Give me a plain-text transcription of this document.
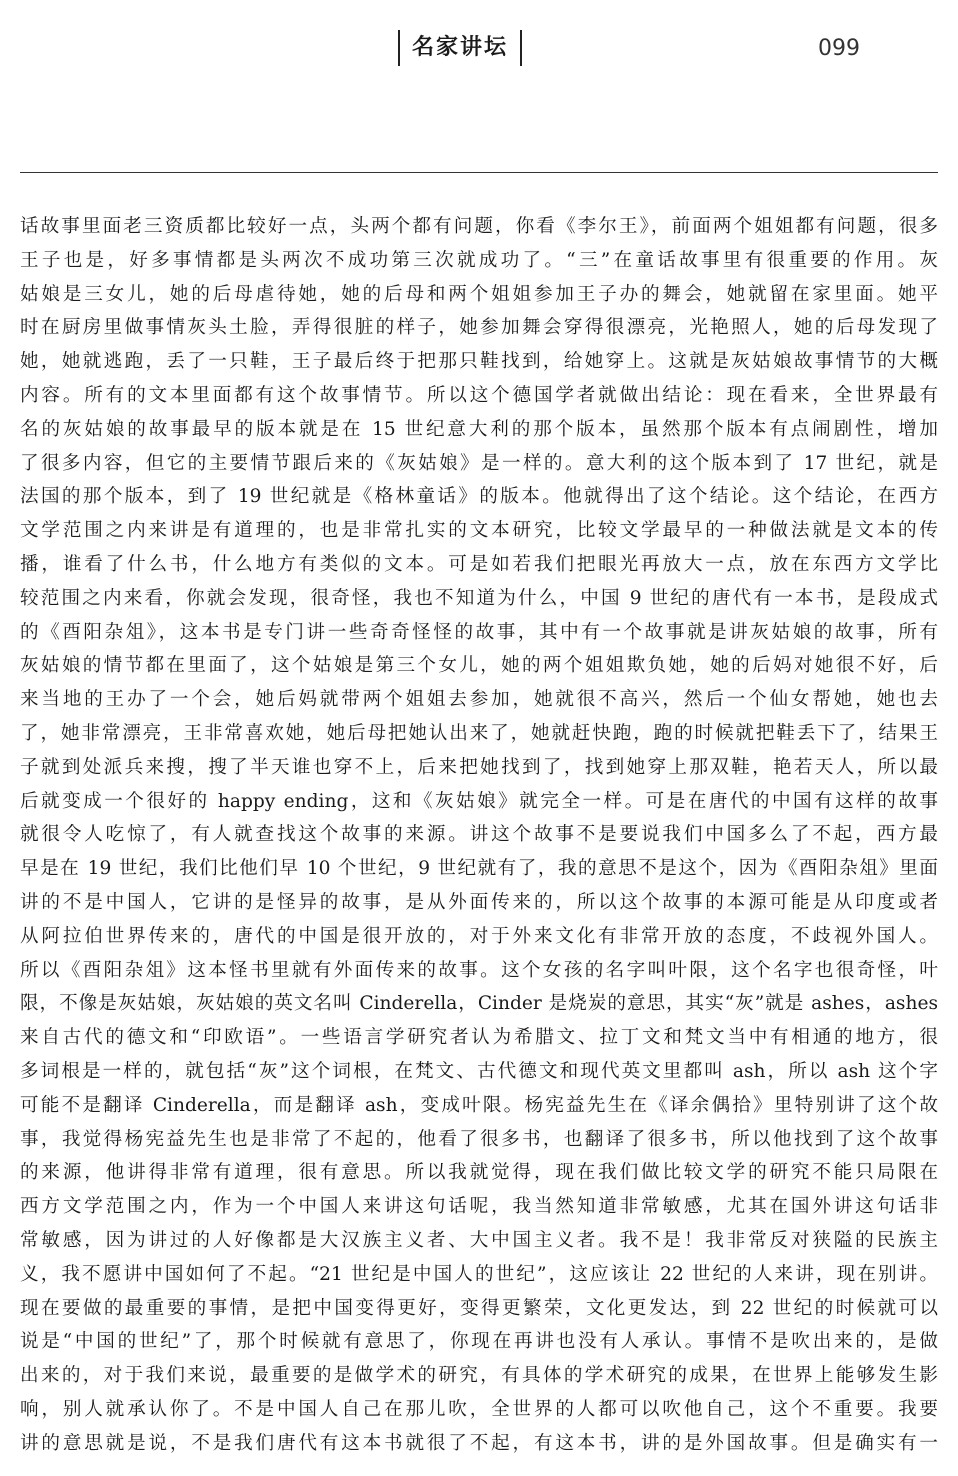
名家讲坛	099
话故事里面老三资质都比较好一点，头两个都有问题，你看《李尔王》，前面两个姐姐都有问题，很多
王子也是，好多事情都是头两次不成功第三次就成功了。“三”在童话故事里有很重要的作用。灰
姑娘是三女儿，她的后母虐待她，她的后母和两个姐姐参加王子办的舞会，她就留在家里面。她平
时在厨房里做事情灰头土脸，弄得很脏的样子，她参加舞会穿得很漂亮，光艳照人，她的后母发现了
她，她就逃跑，丢了一只鞋，王子最后终于把那只鞋找到，给她穿上。这就是灰姑娘故事情节的大概
内容。所有的文本里面都有这个故事情节。所以这个德国学者就做出结论：现在看来，全世界最有
名的灰姑娘的故事最早的版本就是在 15 世纪意大利的那个版本，虽然那个版本有点闹剧性，增加
了很多内容，但它的主要情节跟后来的《灰姑娘》是一样的。意大利的这个版本到了 17 世纪，就是
法国的那个版本，到了 19 世纪就是《格林童话》的版本。他就得出了这个结论。这个结论，在西方
文学范围之内来讲是有道理的，也是非常扎实的文本研究，比较文学最早的一种做法就是文本的传
播，谁看了什么书，什么地方有类似的文本。可是如若我们把眼光再放大一点，放在东西方文学比
较范围之内来看，你就会发现，很奇怪，我也不知道为什么，中国 9 世纪的唐代有一本书，是段成式
的《酉阳杂俎》，这本书是专门讲一些奇奇怪怪的故事，其中有一个故事就是讲灰姑娘的故事，所有
灰姑娘的情节都在里面了，这个姑娘是第三个女儿，她的两个姐姐欺负她，她的后妈对她很不好，后
来当地的王办了一个会，她后妈就带两个姐姐去参加，她就很不高兴，然后一个仙女帮她，她也去
了，她非常漂亮，王非常喜欢她，她后母把她认出来了，她就赶快跑，跑的时候就把鞋丢下了，结果王
子就到处派兵来搜，搜了半天谁也穿不上，后来把她找到了，找到她穿上那双鞋，艳若天人，所以最
后就变成一个很好的 happy ending，这和《灰姑娘》就完全一样。可是在唐代的中国有这样的故事
就很令人吃惊了，有人就查找这个故事的来源。讲这个故事不是要说我们中国多么了不起，西方最
早是在 19 世纪，我们比他们早 10 个世纪，9 世纪就有了，我的意思不是这个，因为《酉阳杂俎》里面
讲的不是中国人，它讲的是怪异的故事，是从外面传来的，所以这个故事的本源可能是从印度或者
从阿拉伯世界传来的，唐代的中国是很开放的，对于外来文化有非常开放的态度，不歧视外国人。
所以《酉阳杂俎》这本怪书里就有外面传来的故事。这个女孩的名字叫叶限，这个名字也很奇怪，叶
限，不像是灰姑娘，灰姑娘的英文名叫 Cinderella，Cinder 是烧炭的意思，其实“灰”就是 ashes，ashes
来自古代的德文和“印欧语”。一些语言学研究者认为希腊文、拉丁文和梵文当中有相通的地方，很
多词根是一样的，就包括“灰”这个词根，在梵文、古代德文和现代英文里都叫 ash，所以 ash 这个字
可能不是翻译 Cinderella，而是翻译 ash，变成叶限。杨宪益先生在《译余偶拾》里特别讲了这个故
事，我觉得杨宪益先生也是非常了不起的，他看了很多书，也翻译了很多书，所以他找到了这个故事
的来源，他讲得非常有道理，很有意思。所以我就觉得，现在我们做比较文学的研究不能只局限在
西方文学范围之内，作为一个中国人来讲这句话呢，我当然知道非常敏感，尤其在国外讲这句话非
常敏感，因为讲过的人好像都是大汉族主义者、大中国主义者。我不是！我非常反对狭隘的民族主
义，我不愿讲中国如何了不起。“21 世纪是中国人的世纪”，这应该让 22 世纪的人来讲，现在别讲。
现在要做的最重要的事情，是把中国变得更好，变得更繁荣，文化更发达，到 22 世纪的时候就可以
说是“中国的世纪”了，那个时候就有意思了，你现在再讲也没有人承认。事情不是吹出来的，是做
出来的，对于我们来说，最重要的是做学术的研究，有具体的学术研究的成果，在世界上能够发生影
响，别人就承认你了。不是中国人自己在那儿吹，全世界的人都可以吹他自己，这个不重要。我要
讲的意思就是说，不是我们唐代有这本书就很了不起，有这本书，讲的是外国故事。但是确实有一
